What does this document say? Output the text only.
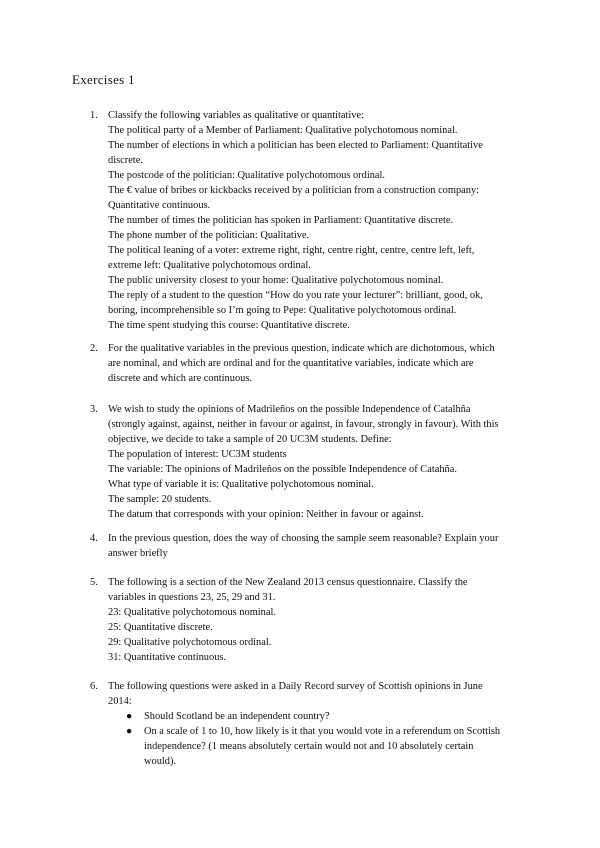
Exercises 1
1. Classify the following variables as qualitative or quantitative:
The political party of a Member of Parliament: Qualitative polychotomous nominal.
The number of elections in which a politician has been elected to Parliament: Quantitative
discrete.
The postcode of the politician: Qualitative polychotomous ordinal.
The € value of bribes or kickbacks received by a politician from a construction company:
Quantitative continuous.
The number of times the politician has spoken in Parliament: Quantitative discrete.
The phone number of the politician: Qualitative.
The political leaning of a voter: extreme right, right, centre right, centre, centre left, left,
extreme left: Qualitative polychotomous ordinal.
The public university closest to your home: Qualitative polychotomous nominal.
The reply of a student to the question “How do you rate your lecturer”: brilliant, good, ok,
boring, incomprehensible so I’m going to Pepe: Qualitative polychotomous ordinal.
The time spent studying this course: Quantitative discrete.
2. For the qualitative variables in the previous question, indicate which are dichotomous, which
are nominal, and which are ordinal and for the quantitative variables, indicate which are
discrete and which are continuous.
3. We wish to study the opinions of Madrileños on the possible Independence of Catalhña
(strongly against, against, neither in favour or against, in favour, strongly in favour). With this
objective, we decide to take a sample of 20 UC3M students. Define:
The population of interest: UC3M students
The variable: The opinions of Madrileños on the possible Independence of Catahña.
What type of variable it is: Qualitative polychotomous nominal.
The sample: 20 students.
The datum that corresponds with your opinion: Neither in favour or against.
4. In the previous question, does the way of choosing the sample seem reasonable? Explain your
answer briefly
5. The following is a section of the New Zealand 2013 census questionnaire. Classify the
variables in questions 23, 25, 29 and 31.
23: Qualitative polychotomous nominal.
25: Quantitative discrete.
29: Qualitative polychotomous ordinal.
31: Quantitative continuous.
6. The following questions were asked in a Daily Record survey of Scottish opinions in June
2014:
● Should Scotland be an independent country?
● On a scale of 1 to 10, how likely is it that you would vote in a referendum on Scottish
independence? (1 means absolutely certain would not and 10 absolutely certain
would).
